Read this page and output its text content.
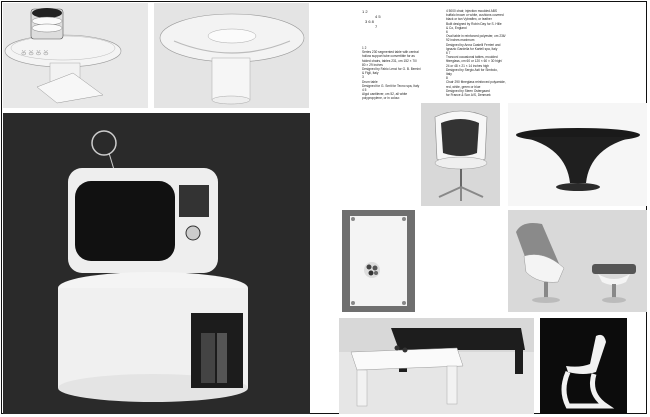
Ꙋ Ꙋ Ꙋ Ꙋ
1 2
4 5
3 6 8
7
1 2
Series 230 segmented table with central
hollow support tube convertible for as
folded chairs, tables 231, cm 152 × 70/
80 × 29 inches
Designed by Fabio Lenci for G. B. Bernini
& Figli, Italy
3
Drum table
Designed for G. Smit for Tecno spa, Italy
4 5
Algol cantilever, cm 52, all white
polypropylene, or in colour.
4 5000 chair, injection moulded ABS
buffalo brown or white, cushions covered
black or tan Vybraflex, or leather
Built designed by Robin Day for S. Hille
& Co, England
6
Oval table in reinforced polyester, cm 236/
92 inches maximum
Designed by Anna Castelli Ferrieri and
Ignazio Gardella for Kartell spa, Italy
6 7
Tronconi occasional tables, moulded
fibreglass, cm 60 or 120 × 60 × 30 high/
24 or 48 × 21 × 14 inches high
Designed by Sergio Asti for Simbolo,
Italy
8
Chair 290 fibreglass reinforced polyamide,
red, white, green or blue
Designed by Steen Ostergaard
for France & Son A/S, Denmark
